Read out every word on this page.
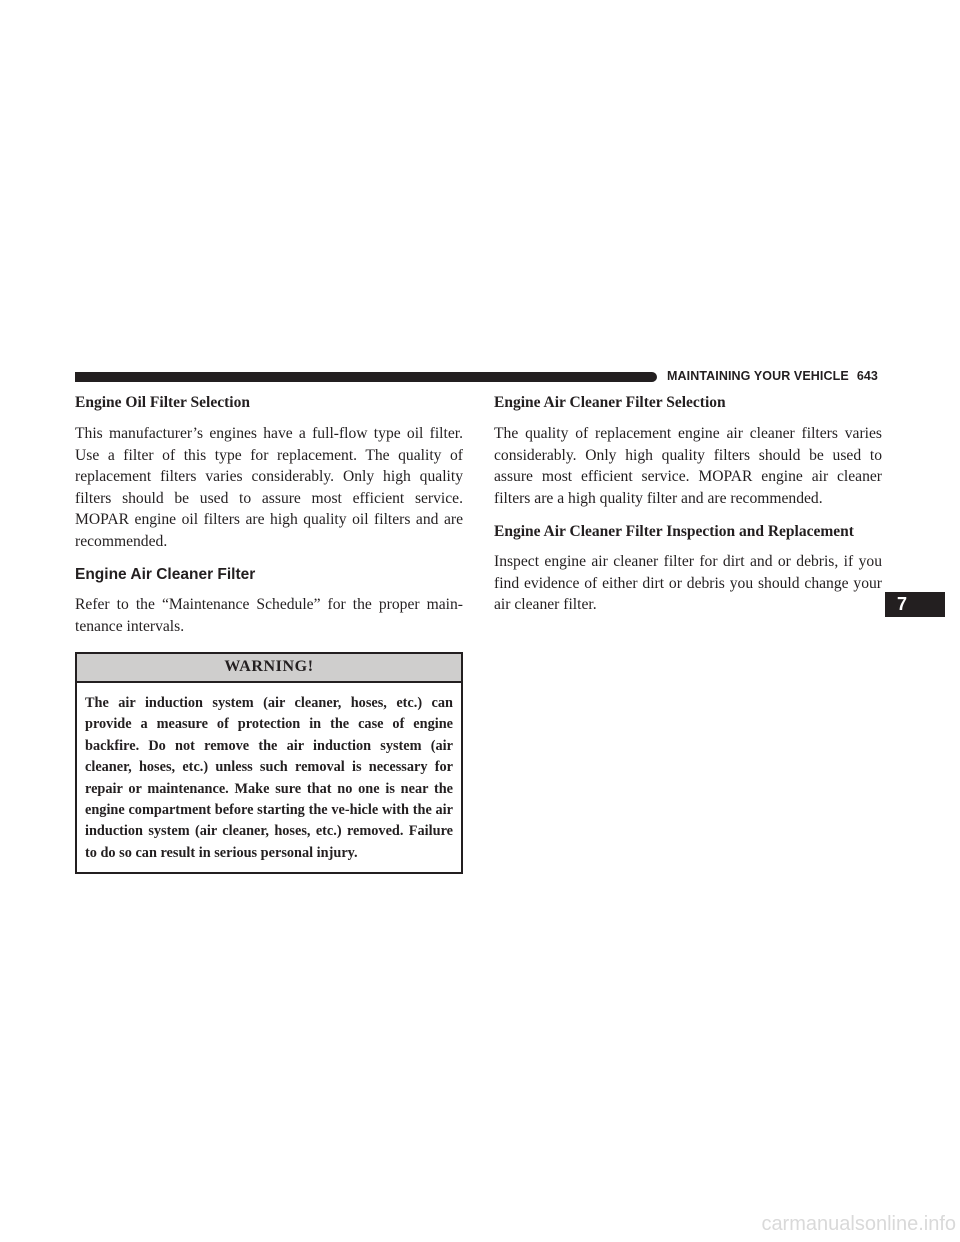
MAINTAINING YOUR VEHICLE 643
Engine Oil Filter Selection

This manufacturer’s engines have a full-flow type oil filter. Use a filter of this type for replacement. The quality of replacement filters varies considerably. Only high quality filters should be used to assure most efficient service. MOPAR engine oil filters are high quality oil filters and are recommended.

Engine Air Cleaner Filter

Refer to the “Maintenance Schedule” for the proper main-tenance intervals.

WARNING!
The air induction system (air cleaner, hoses, etc.) can provide a measure of protection in the case of engine backfire. Do not remove the air induction system (air cleaner, hoses, etc.) unless such removal is necessary for repair or maintenance. Make sure that no one is near the engine compartment before starting the ve-hicle with the air induction system (air cleaner, hoses, etc.) removed. Failure to do so can result in serious personal injury.
Engine Air Cleaner Filter Selection

The quality of replacement engine air cleaner filters varies considerably. Only high quality filters should be used to assure most efficient service. MOPAR engine air cleaner filters are a high quality filter and are recommended.

Engine Air Cleaner Filter Inspection and Replacement

Inspect engine air cleaner filter for dirt and or debris, if you find evidence of either dirt or debris you should change your air cleaner filter.	7
carmanualsonline.info
